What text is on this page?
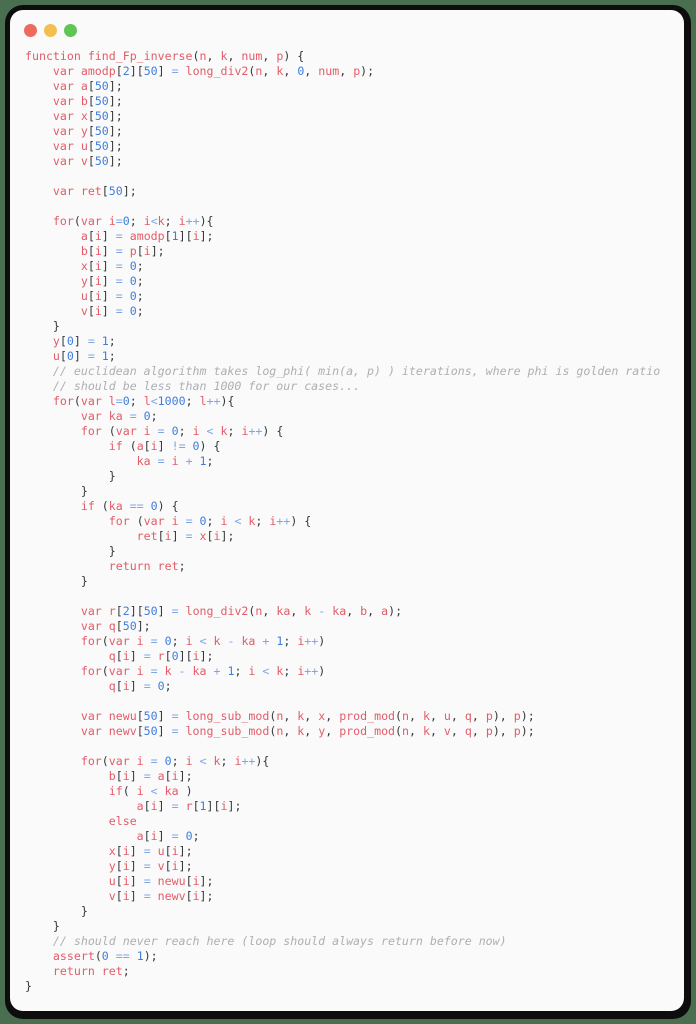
function find_Fp_inverse(n, k, num, p) {
var amodp[2][50] = long_div2(n, k, 0, num, p);
var a[50];
var b[50];
var x[50];
var y[50];
var u[50];
var v[50];

var ret[50];

for(var i=0; i<k; i++){
a[i] = amodp[1][i];
b[i] = p[i];
x[i] = 0;
y[i] = 0;
u[i] = 0;
v[i] = 0;
}
y[0] = 1;
u[0] = 1;
// euclidean algorithm takes log_phi( min(a, p) ) iterations, where phi is golden ratio
// should be less than 1000 for our cases...
for(var l=0; l<1000; l++){
var ka = 0;
for (var i = 0; i < k; i++) {
if (a[i] != 0) {
ka = i + 1;
}
}
if (ka == 0) {
for (var i = 0; i < k; i++) {
ret[i] = x[i];
}
return ret;
}

var r[2][50] = long_div2(n, ka, k - ka, b, a);
var q[50];
for(var i = 0; i < k - ka + 1; i++)
q[i] = r[0][i];
for(var i = k - ka + 1; i < k; i++)
q[i] = 0;

var newu[50] = long_sub_mod(n, k, x, prod_mod(n, k, u, q, p), p);
var newv[50] = long_sub_mod(n, k, y, prod_mod(n, k, v, q, p), p);

for(var i = 0; i < k; i++){
b[i] = a[i];
if( i < ka )
a[i] = r[1][i];
else
a[i] = 0;
x[i] = u[i];
y[i] = v[i];
u[i] = newu[i];
v[i] = newv[i];
}
}
// should never reach here (loop should always return before now)
assert(0 == 1);
return ret;
}
